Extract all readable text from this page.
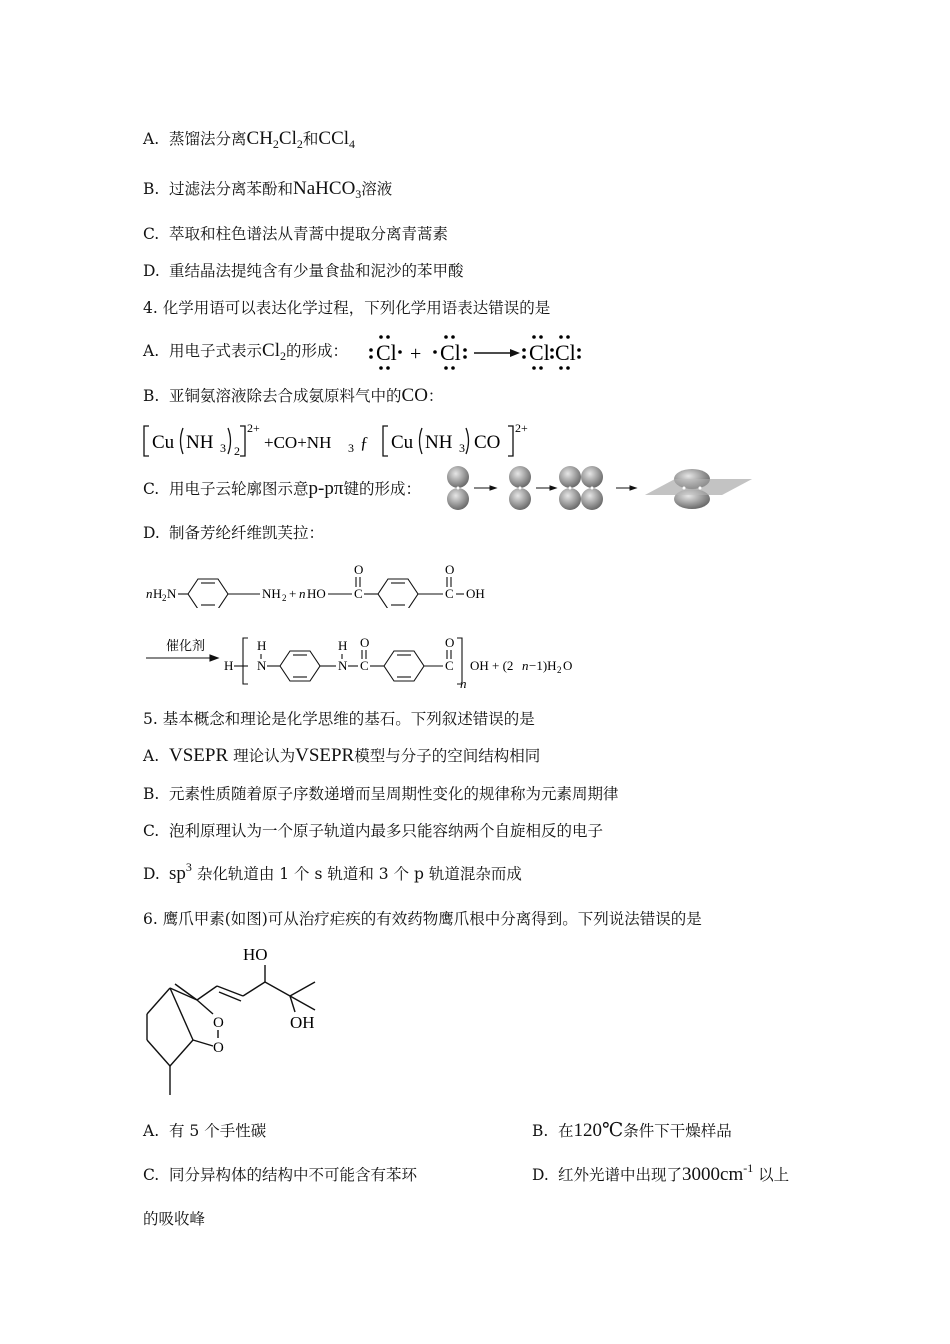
A. 蒸馏法分离$CH_2Cl_2$和CCl$_4$
B. 过滤法分离苯酚和NaHCO$_3$溶液
C. 萃取和柱色谱法从青蒿中提取分离青蒿素
D. 重结晶法提纯含有少量食盐和泥沙的苯甲酸
4. 化学用语可以表达化学过程，下列化学用语表达错误的是
A. 用电子式表示$Cl_2$的形成： Cl + Cl	Cl Cl
B. 亚铜氨溶液除去合成氨原料气中的CO：
Cu NH 3 2
2+
+CO+NH 3 ƒ Cu NH 3 CO
2+
C. 用电子云轮廓图示意p-pπ键的形成：
D. 制备芳纶纤维凯芙拉：
n H 2 N	NH 2 + n HO C
O
C
O
OH
催化剂
H N
H
N
H
C
O
C
O
n
OH + (2 n −1)H 2 O
5. 基本概念和理论是化学思维的基石。下列叙述错误的是
A. VSEPR 理论认为VSEPR模型与分子的空间结构相同
B. 元素性质随着原子序数递增而呈周期性变化的规律称为元素周期律
C. 泡利原理认为一个原子轨道内最多只能容纳两个自旋相反的电子
D. $sp^3$ 杂化轨道由 1 个 s 轨道和 3 个 p 轨道混杂而成
6. 鹰爪甲素(如图)可从治疗疟疾的有效药物鹰爪根中分离得到。下列说法错误的是
HO
OH
O
O
A. 有 5 个手性碳	B. 在120℃条件下干燥样品
C. 同分异构体的结构中不可能含有苯环	D. 红外光谱中出现了$3000cm^{-1}$ 以上
的吸收峰
